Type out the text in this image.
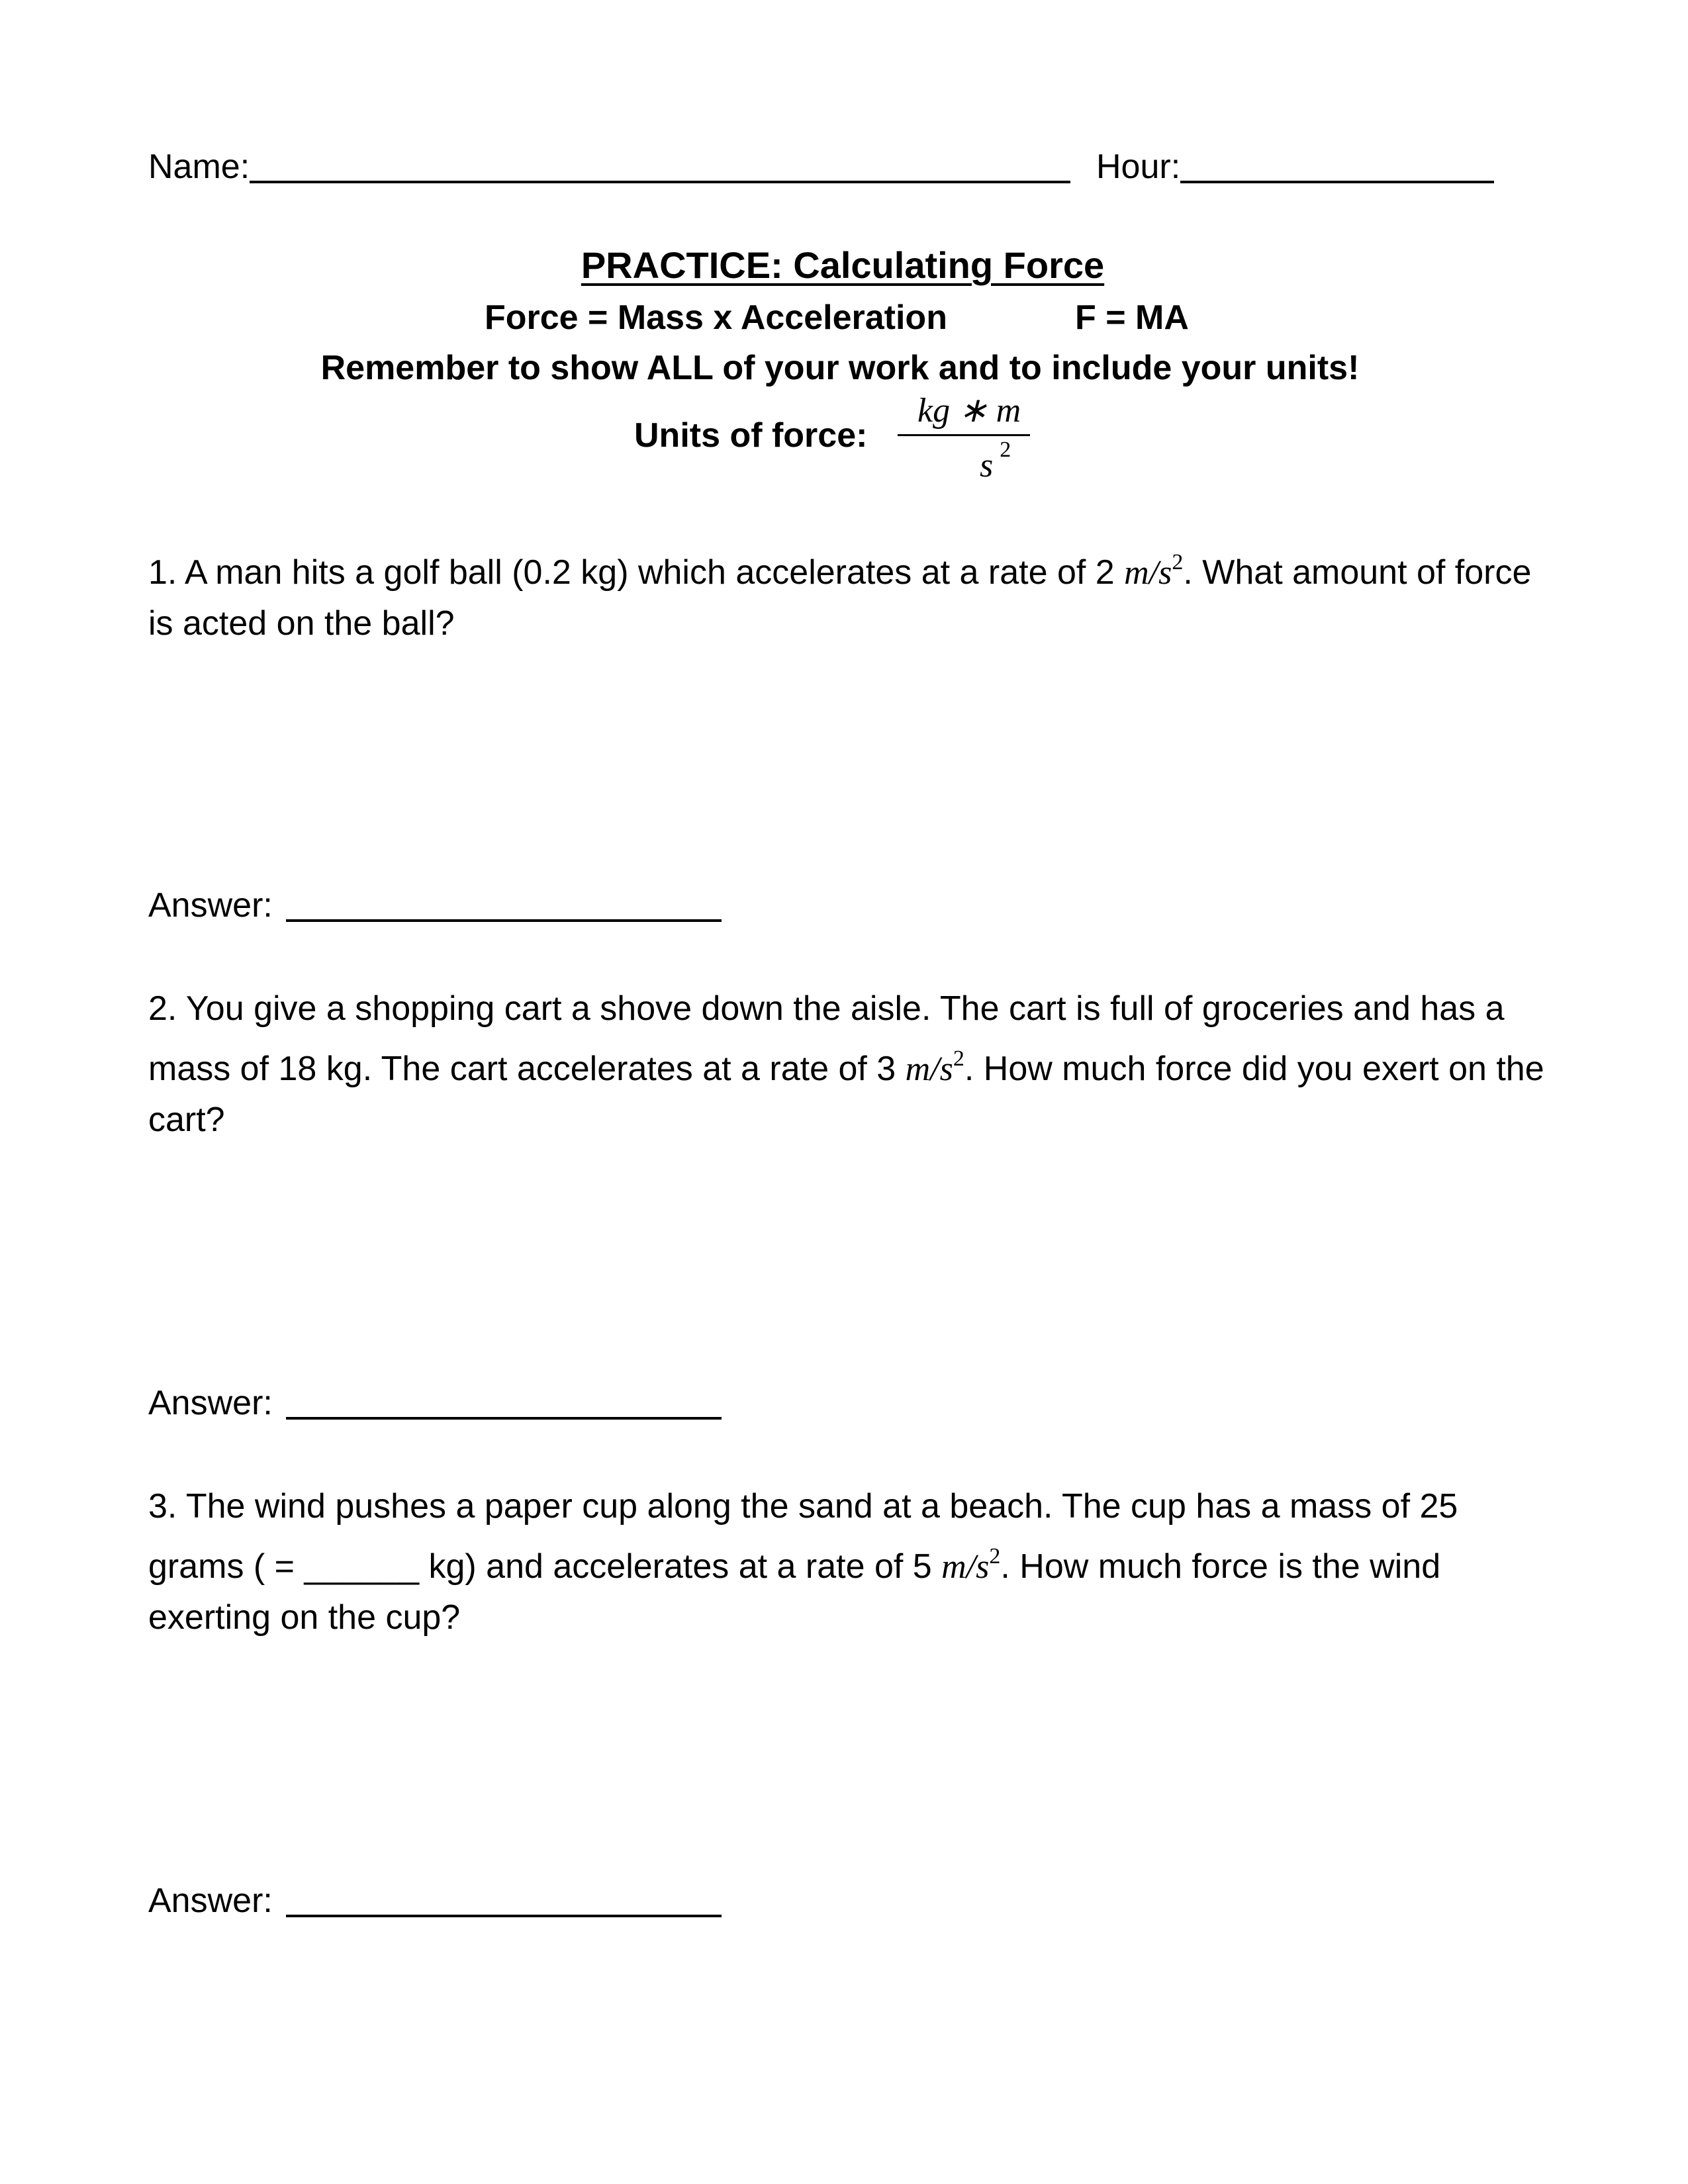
Name:	Hour:
PRACTICE: Calculating Force
Force = Mass x Acceleration	F = MA
Remember to show ALL of your work and to include your units!
Units of force:
kg ∗ m
s $^2$
1. A man hits a golf ball (0.2 kg) which accelerates at a rate of 2 $m/s^2$. What amount of force is acted on the ball?
Answer:
2. You give a shopping cart a shove down the aisle. The cart is full of groceries and has a mass of 18 kg. The cart accelerates at a rate of 3 $m/s^2$. How much force did you exert on the cart?
Answer:
3. The wind pushes a paper cup along the sand at a beach. The cup has a mass of 25 grams ( = ______ kg) and accelerates at a rate of 5 $m/s^2$. How much force is the wind exerting on the cup?
Answer:
